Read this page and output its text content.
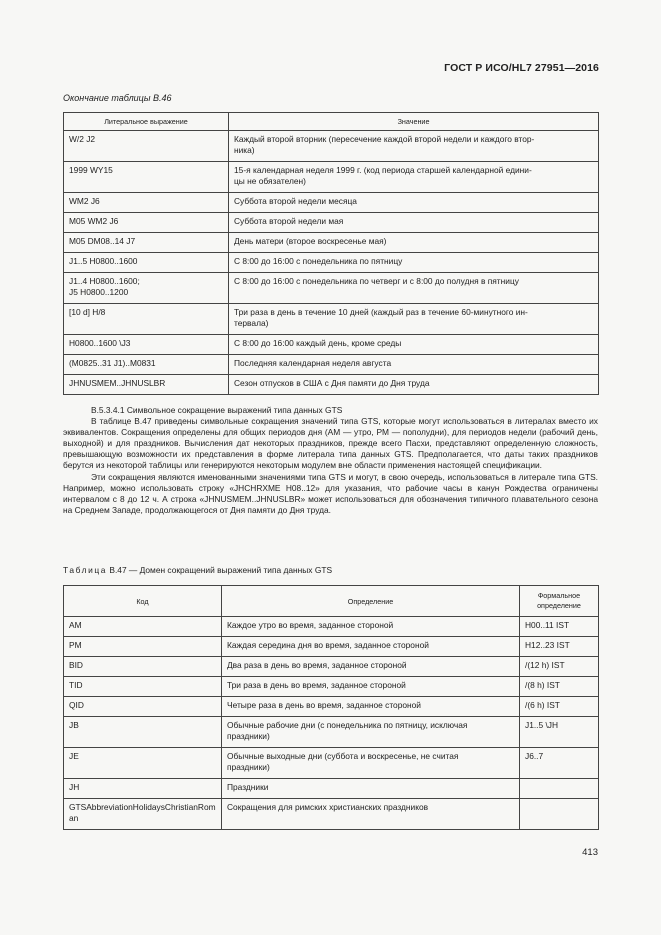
ГОСТ Р ИСО/HL7 27951—2016
Окончание таблицы В.46
Литеральное выражение	Значение
W/2 J2	Каждый второй вторник (пересечение каждой второй недели и каждого втор-
ника)
1999 WY15	15-я календарная неделя 1999 г. (код периода старшей календарной едини-
цы не обязателен)
WM2 J6	Суббота второй недели месяца
M05 WM2 J6	Суббота второй недели мая
M05 DM08..14 J7	День матери (второе воскресенье мая)
J1..5 H0800..1600	С 8:00 до 16:00 с понедельника по пятницу
J1..4 H0800..1600;
J5 H0800..1200	С 8:00 до 16:00 с понедельника по четверг и с 8:00 до полудня в пятницу
[10 d] H/8	Три раза в день в течение 10 дней (каждый раз в течение 60-минутного ин-
тервала)
H0800..1600 \J3	С 8:00 до 16:00 каждый день, кроме среды
(M0825..31 J1)..M0831	Последняя календарная неделя августа
JHNUSMEM..JHNUSLBR	Сезон отпусков в США с Дня памяти до Дня труда

В.5.3.4.1 Символьное сокращение выражений типа данных GTS

В таблице В.47 приведены символьные сокращения значений типа GTS, которые могут использоваться в литералах вместо их эквивалентов. Сокращения определены для общих периодов дня (AM — утро, PM — пополудни), для периодов недели (рабочий день, выходной) и для праздников. Вычисления дат некоторых праздников, прежде всего Пасхи, представляют определенную сложность, превышающую возможности их представления в форме литерала типа данных GTS. Предполагается, что даты таких праздников берутся из некоторой таблицы или генерируются некоторым модулем вне области применения настоящей спецификации.

Эти сокращения являются именованными значениями типа GTS и могут, в свою очередь, использоваться в литерале типа GTS. Например, можно использовать строку «JHCHRXME H08..12» для указания, что рабочие часы в канун Рождества ограничены интервалом с 8 до 12 ч. А строка «JHNUSMEM..JHNUSLBR» может использоваться для обозначения типичного плавательного сезона на Среднем Западе, продолжающегося от Дня памяти до Дня труда.

Таблица В.47 — Домен сокращений выражений типа данных GTS
Код	Определение	Формальное
определение
AM	Каждое утро во время, заданное стороной	H00..11 IST
PM	Каждая середина дня во время, заданное стороной	H12..23 IST
BID	Два раза в день во время, заданное стороной	/(12 h) IST
TID	Три раза в день во время, заданное стороной	/(8 h) IST
QID	Четыре раза в день во время, заданное стороной	/(6 h) IST
JB	Обычные рабочие дни (с понедельника по пятницу, исключая
праздники)	J1..5 \JH
JE	Обычные выходные дни (суббота и воскресенье, не считая
праздники)	J6..7
JH	Праздники	
GTSAbbreviationHolidaysChristianRoman	Сокращения для римских христианских праздников	
413
